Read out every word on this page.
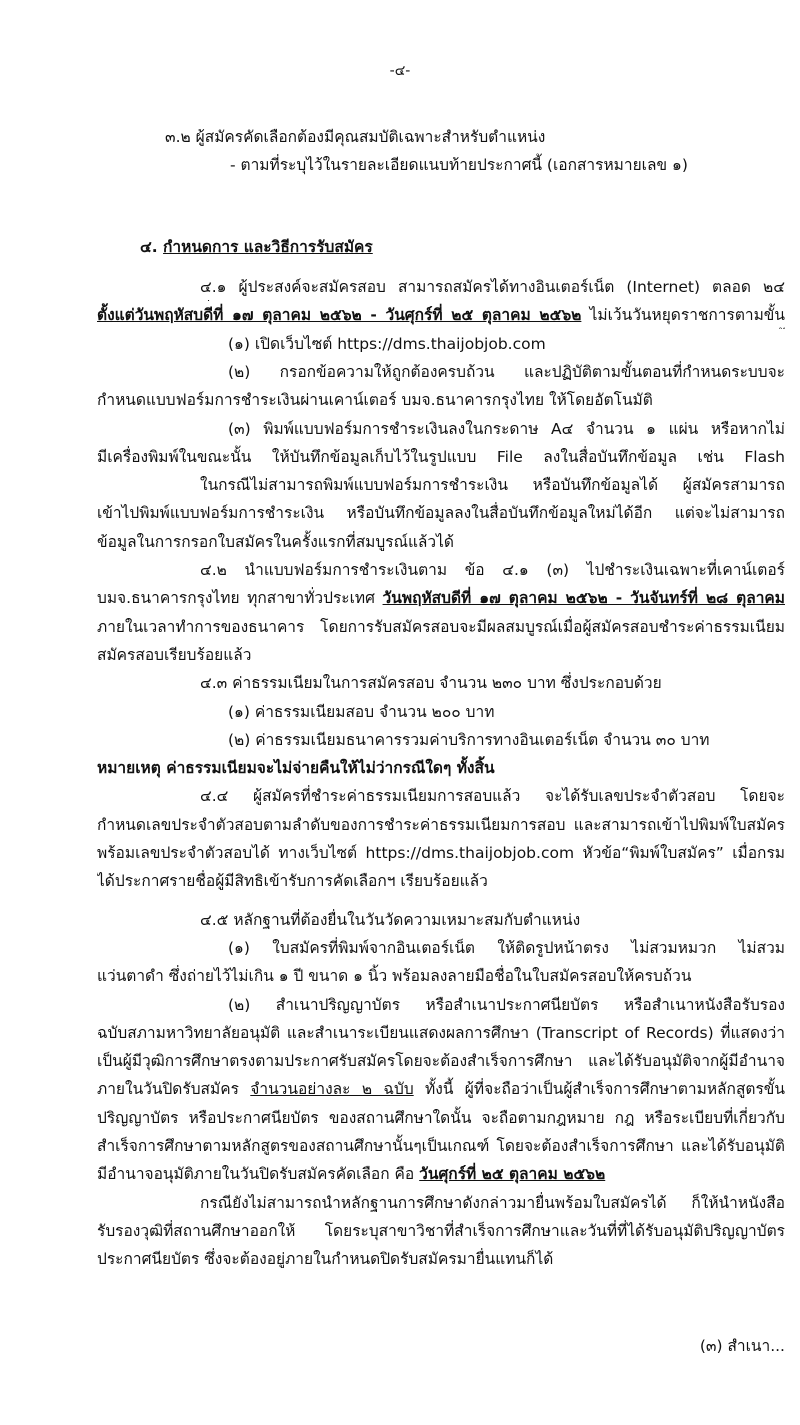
-๔-
๓.๒ ผู้สมัครคัดเลือกต้องมีคุณสมบัติเฉพาะสำหรับตำแหน่ง
- ตามที่ระบุไว้ในรายละเอียดแนบท้ายประกาศนี้ (เอกสารหมายเลข ๑)
๔. กำหนดการ และวิธีการรับสมัคร
๔.๑ ผู้ประสงค์จะสมัครสอบ สามารถสมัครได้ทางอินเตอร์เน็ต (Internet) ตลอด ๒๔
ตั้งแต่วันพฤหัสบดีที่ ๑๗ ตุลาคม ๒๕๖๒ - วันศุกร์ที่ ๒๕ ตุลาคม ๒๕๖๒ ไม่เว้นวันหยุดราชการตามขั้น
(๑) เปิดเว็บไซต์ https://dms.thaijobjob.com
(๒) กรอกข้อความให้ถูกต้องครบถ้วน และปฏิบัติตามขั้นตอนที่กำหนดระบบจะ
กำหนดแบบฟอร์มการชำระเงินผ่านเคาน์เตอร์ บมจ.ธนาคารกรุงไทย ให้โดยอัตโนมัติ
(๓) พิมพ์แบบฟอร์มการชำระเงินลงในกระดาษ A๔ จำนวน ๑ แผ่น หรือหากไม่
มีเครื่องพิมพ์ในขณะนั้น ให้บันทึกข้อมูลเก็บไว้ในรูปแบบ File ลงในสื่อบันทึกข้อมูล เช่น Flash
ในกรณีไม่สามารถพิมพ์แบบฟอร์มการชำระเงิน หรือบันทึกข้อมูลได้ ผู้สมัครสามารถ
เข้าไปพิมพ์แบบฟอร์มการชำระเงิน หรือบันทึกข้อมูลลงในสื่อบันทึกข้อมูลใหม่ได้อีก แต่จะไม่สามารถ
ข้อมูลในการกรอกใบสมัครในครั้งแรกที่สมบูรณ์แล้วได้
๔.๒ นำแบบฟอร์มการชำระเงินตาม ข้อ ๔.๑ (๓) ไปชำระเงินเฉพาะที่เคาน์เตอร์
บมจ.ธนาคารกรุงไทย ทุกสาขาทั่วประเทศ วันพฤหัสบดีที่ ๑๗ ตุลาคม ๒๕๖๒ - วันจันทร์ที่ ๒๘ ตุลาคม
ภายในเวลาทำการของธนาคาร โดยการรับสมัครสอบจะมีผลสมบูรณ์เมื่อผู้สมัครสอบชำระค่าธรรมเนียม
สมัครสอบเรียบร้อยแล้ว
๔.๓ ค่าธรรมเนียมในการสมัครสอบ จำนวน ๒๓๐ บาท ซึ่งประกอบด้วย
(๑) ค่าธรรมเนียมสอบ จำนวน ๒๐๐ บาท
(๒) ค่าธรรมเนียมธนาคารรวมค่าบริการทางอินเตอร์เน็ต จำนวน ๓๐ บาท
หมายเหตุ ค่าธรรมเนียมจะไม่จ่ายคืนให้ไม่ว่ากรณีใดๆ ทั้งสิ้น
๔.๔ ผู้สมัครที่ชำระค่าธรรมเนียมการสอบแล้ว จะได้รับเลขประจำตัวสอบ โดยจะ
กำหนดเลขประจำตัวสอบตามลำดับของการชำระค่าธรรมเนียมการสอบ และสามารถเข้าไปพิมพ์ใบสมัคร
พร้อมเลขประจำตัวสอบได้ ทางเว็บไซต์ https://dms.thaijobjob.com หัวข้อ“พิมพ์ใบสมัคร” เมื่อกรม
ได้ประกาศรายชื่อผู้มีสิทธิเข้ารับการคัดเลือกฯ เรียบร้อยแล้ว
๔.๕ หลักฐานที่ต้องยื่นในวันวัดความเหมาะสมกับตำแหน่ง
(๑) ใบสมัครที่พิมพ์จากอินเตอร์เน็ต ให้ติดรูปหน้าตรง ไม่สวมหมวก ไม่สวม
แว่นตาดำ ซึ่งถ่ายไว้ไม่เกิน ๑ ปี ขนาด ๑ นิ้ว พร้อมลงลายมือชื่อในใบสมัครสอบให้ครบถ้วน
(๒) สำเนาปริญญาบัตร หรือสำเนาประกาศนียบัตร หรือสำเนาหนังสือรับรอง
ฉบับสภามหาวิทยาลัยอนุมัติ และสำเนาระเบียนแสดงผลการศึกษา (Transcript of Records) ที่แสดงว่า
เป็นผู้มีวุฒิการศึกษาตรงตามประกาศรับสมัครโดยจะต้องสำเร็จการศึกษา และได้รับอนุมัติจากผู้มีอำนาจ
ภายในวันปิดรับสมัคร จำนวนอย่างละ ๒ ฉบับ ทั้งนี้ ผู้ที่จะถือว่าเป็นผู้สำเร็จการศึกษาตามหลักสูตรขั้น
ปริญญาบัตร หรือประกาศนียบัตร ของสถานศึกษาใดนั้น จะถือตามกฎหมาย กฎ หรือระเบียบที่เกี่ยวกับ
สำเร็จการศึกษาตามหลักสูตรของสถานศึกษานั้นๆเป็นเกณฑ์ โดยจะต้องสำเร็จการศึกษา และได้รับอนุมัติ
มีอำนาจอนุมัติภายในวันปิดรับสมัครคัดเลือก คือ วันศุกร์ที่ ๒๕ ตุลาคม ๒๕๖๒
กรณียังไม่สามารถนำหลักฐานการศึกษาดังกล่าวมายื่นพร้อมใบสมัครได้ ก็ให้นำหนังสือ
รับรองวุฒิที่สถานศึกษาออกให้ โดยระบุสาขาวิชาที่สำเร็จการศึกษาและวันที่ที่ได้รับอนุมัติปริญญาบัตร
ประกาศนียบัตร ซึ่งจะต้องอยู่ภายในกำหนดปิดรับสมัครมายื่นแทนก็ได้
(๓) สำเนา...
